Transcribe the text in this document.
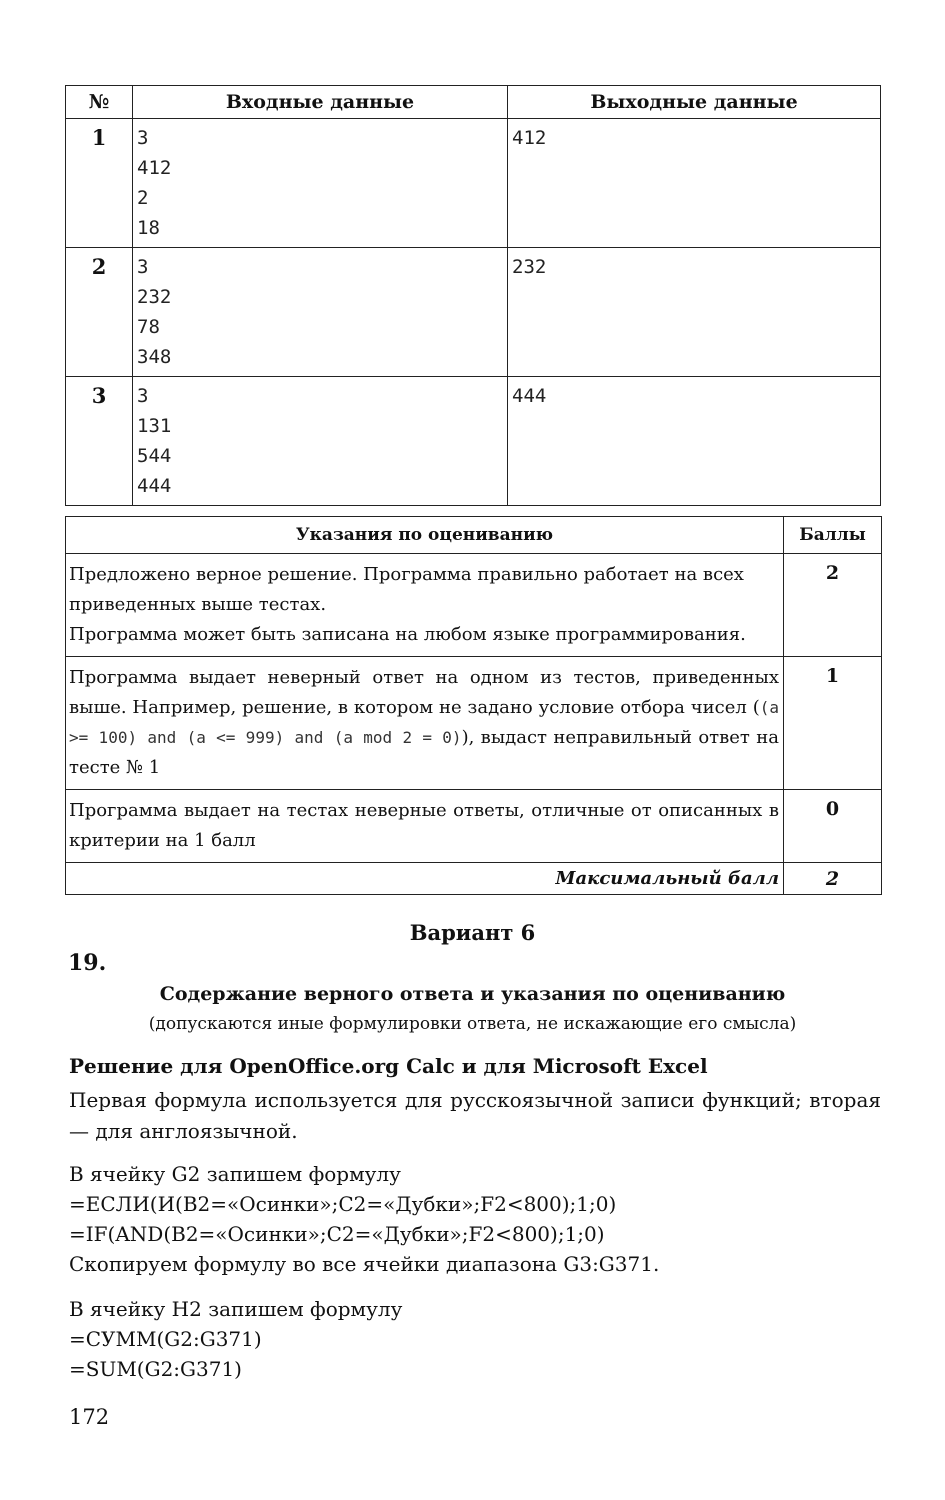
№	Входные данные	Выходные данные
1	3
412
2
18	412

2	3
232
78
348	232

3	3
131
544
444	444
Указания по оцениванию	Баллы

Предложено верное решение. Программа правильно работает на всех
приведенных выше тестах.
Программа может быть записана на любом языке программирования.	2
Программа выдает неверный ответ на одном из тестов, приведенных выше. Например, решение, в котором не задано условие отбора чисел ((a >= 100) and (a <= 999) and (a mod 2 = 0)), выдаст неправильный ответ на тесте № 1	1
Программа выдает на тестах неверные ответы, отличные от описанных в критерии на 1 балл	0
Максимальный балл	2
Вариант 6
19.
Содержание верного ответа и указания по оцениванию
(допускаются иные формулировки ответа, не искажающие его смысла)
Решение для OpenOffice.org Calc и для Microsoft Excel
Первая формула используется для русскоязычной записи функций; вторая — для англоязычной.
В ячейку G2 запишем формулу
=ЕСЛИ(И(B2=«Осинки»;C2=«Дубки»;F2<800);1;0)
=IF(AND(B2=«Осинки»;C2=«Дубки»;F2<800);1;0)
Скопируем формулу во все ячейки диапазона G3:G371.
В ячейку H2 запишем формулу
=СУММ(G2:G371)
=SUM(G2:G371)
172
